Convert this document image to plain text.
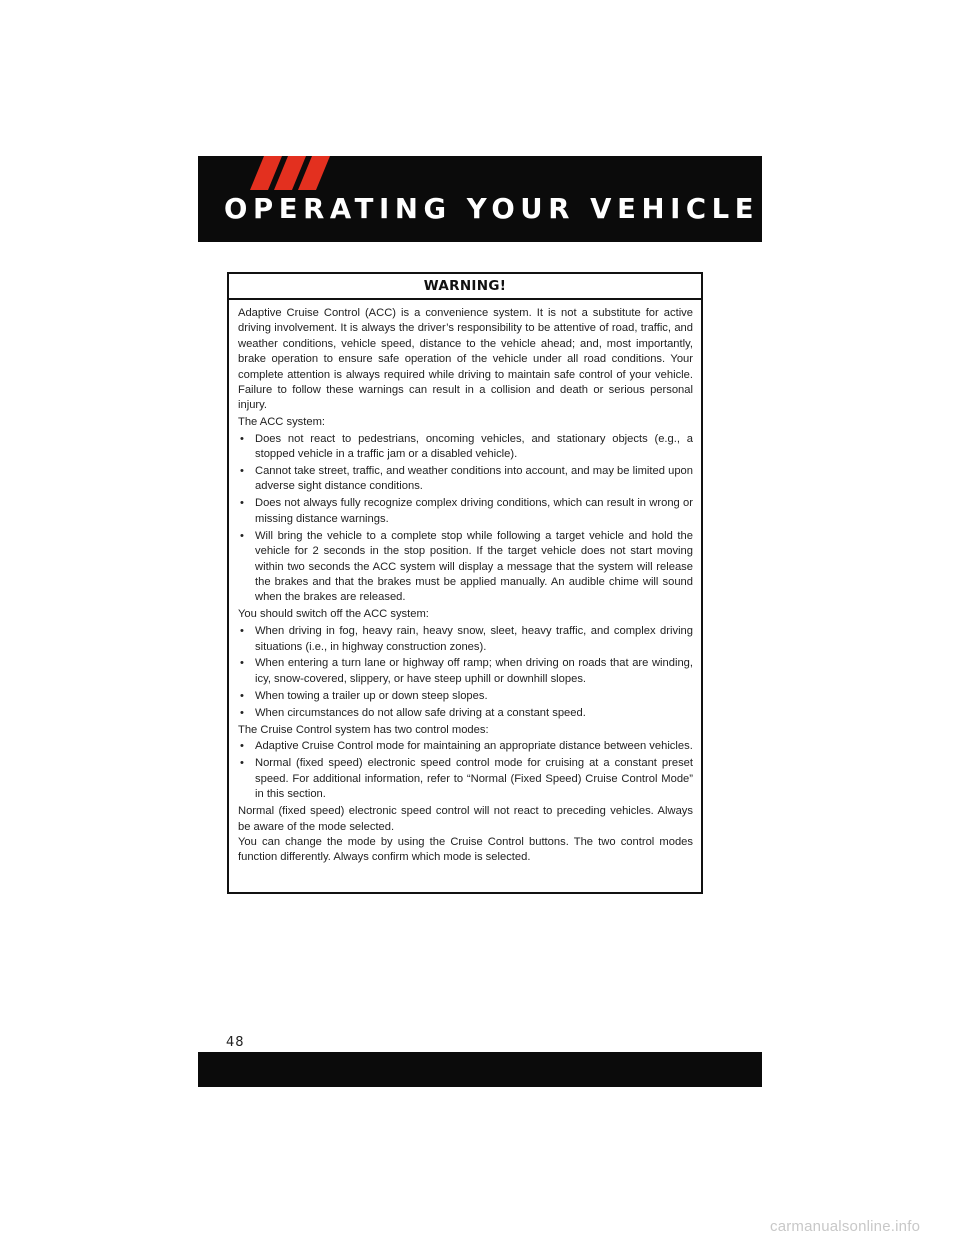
OPERATING YOUR VEHICLE
WARNING!

Adaptive Cruise Control (ACC) is a convenience system. It is not a substitute for active driving involvement. It is always the driver’s responsibility to be attentive of road, traffic, and weather conditions, vehicle speed, distance to the vehicle ahead; and, most importantly, brake operation to ensure safe operation of the vehicle under all road conditions. Your complete attention is always required while driving to maintain safe control of your vehicle. Failure to follow these warnings can result in a collision and death or serious personal injury.

The ACC system:

• Does not react to pedestrians, oncoming vehicles, and stationary objects (e.g., a stopped vehicle in a traffic jam or a disabled vehicle).
• Cannot take street, traffic, and weather conditions into account, and may be limited upon adverse sight distance conditions.
• Does not always fully recognize complex driving conditions, which can result in wrong or missing distance warnings.
• Will bring the vehicle to a complete stop while following a target vehicle and hold the vehicle for 2 seconds in the stop position. If the target vehicle does not start moving within two seconds the ACC system will display a message that the system will release the brakes and that the brakes must be applied manually. An audible chime will sound when the brakes are released.

You should switch off the ACC system:

• When driving in fog, heavy rain, heavy snow, sleet, heavy traffic, and complex driving situations (i.e., in highway construction zones).
• When entering a turn lane or highway off ramp; when driving on roads that are winding, icy, snow-covered, slippery, or have steep uphill or downhill slopes.
• When towing a trailer up or down steep slopes.
• When circumstances do not allow safe driving at a constant speed.

The Cruise Control system has two control modes:

• Adaptive Cruise Control mode for maintaining an appropriate distance between vehicles.
• Normal (fixed speed) electronic speed control mode for cruising at a constant preset speed. For additional information, refer to “Normal (Fixed Speed) Cruise Control Mode” in this section.

Normal (fixed speed) electronic speed control will not react to preceding vehicles. Always be aware of the mode selected.

You can change the mode by using the Cruise Control buttons. The two control modes function differently. Always confirm which mode is selected.

48

carmanualsonline.info
